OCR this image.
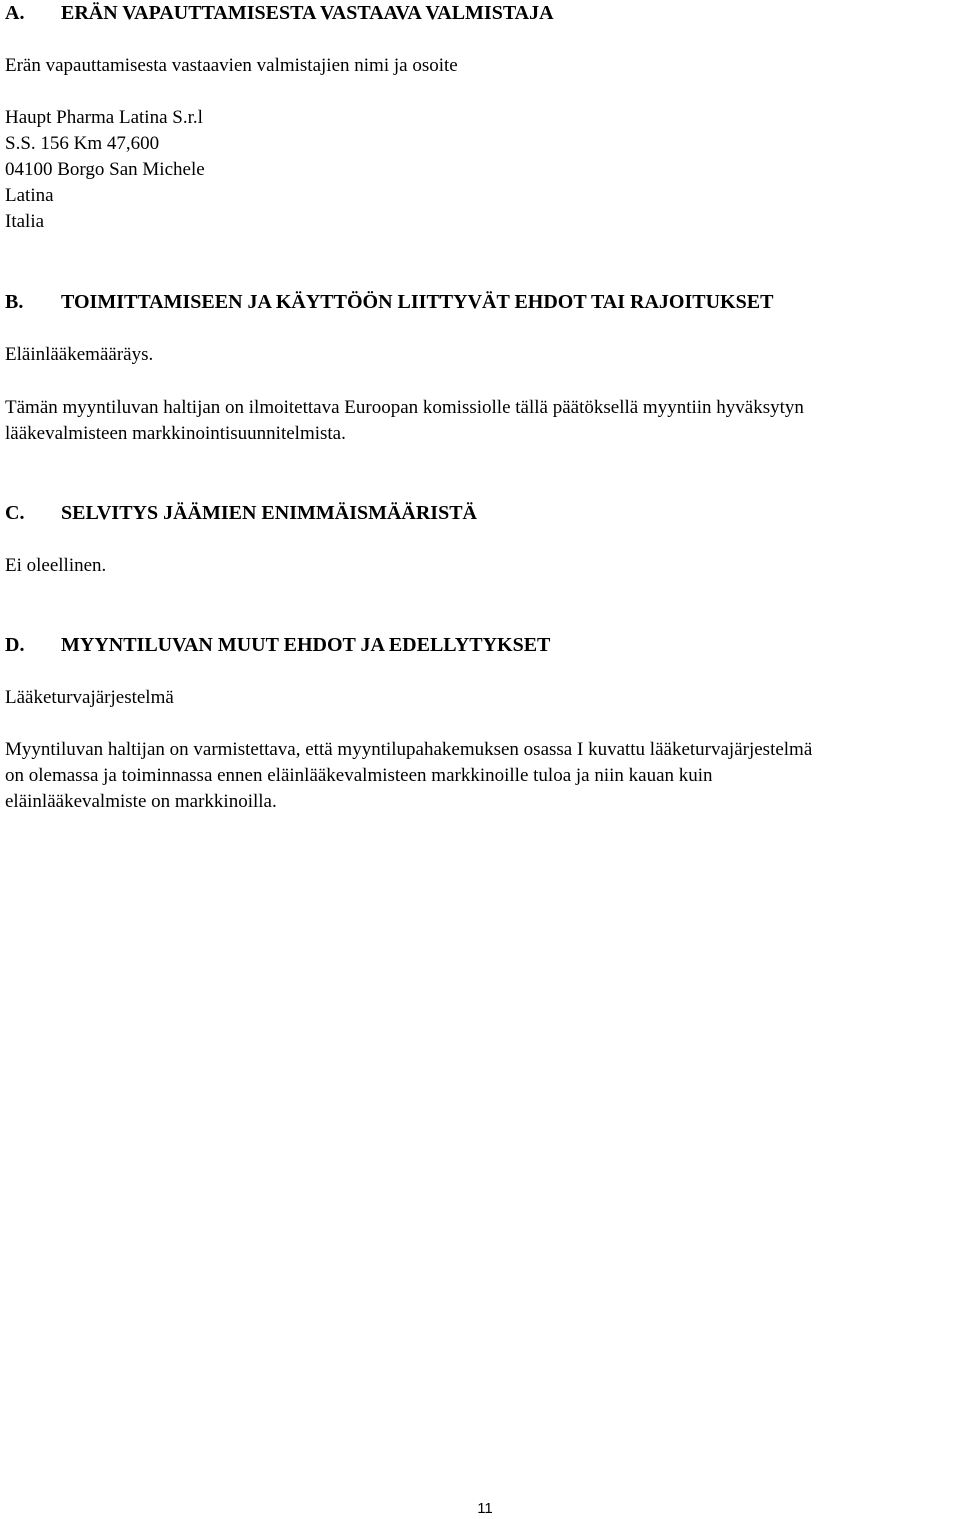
A. ERÄN VAPAUTTAMISESTA VASTAAVA VALMISTAJA

Erän vapauttamisesta vastaavien valmistajien nimi ja osoite

Haupt Pharma Latina S.r.l
S.S. 156 Km 47,600
04100 Borgo San Michele
Latina
Italia
B. TOIMITTAMISEEN JA KÄYTTÖÖN LIITTYVÄT EHDOT TAI RAJOITUKSET

Eläinlääkemääräys.

Tämän myyntiluvan haltijan on ilmoitettava Euroopan komissiolle tällä päätöksellä myyntiin hyväksytyn

lääkevalmisteen markkinointisuunnitelmista.

C. SELVITYS JÄÄMIEN ENIMMÄISMÄÄRISTÄ

Ei oleellinen.

D. MYYNTILUVAN MUUT EHDOT JA EDELLYTYKSET

Lääketurvajärjestelmä

Myyntiluvan haltijan on varmistettava, että myyntilupahakemuksen osassa I kuvattu lääketurvajärjestelmä

on olemassa ja toiminnassa ennen eläinlääkevalmisteen markkinoille tuloa ja niin kauan kuin

eläinlääkevalmiste on markkinoilla.

11
